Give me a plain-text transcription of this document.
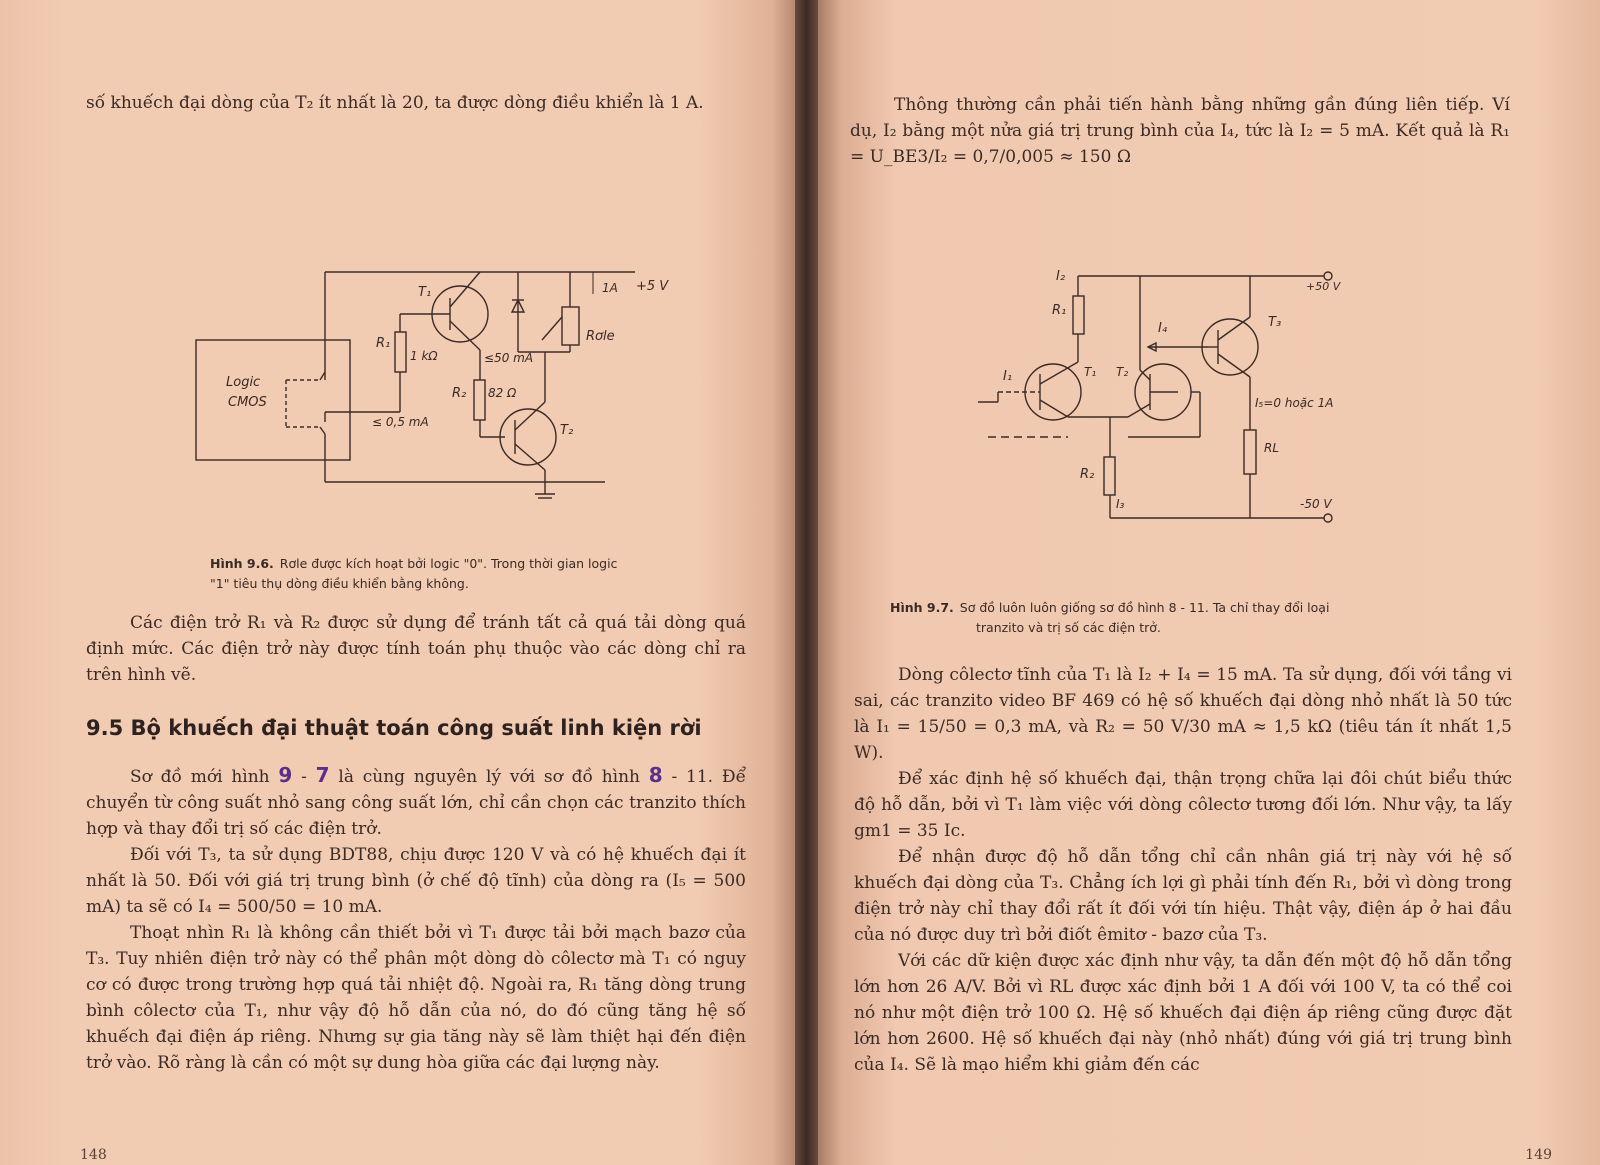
số khuếch đại dòng của T₂ ít nhất là 20, ta được dòng điều khiển là 1 A.

T₁
R₁
1 kΩ	≤50 mA
1A +5 V
Rơle
R₂ 82 Ω
T₂
Logic
CMOS
≤ 0,5 mA
Hình 9.6. Rơle được kích hoạt bởi logic "0". Trong thời gian logic
"1" tiêu thụ dòng điều khiển bằng không.

Các điện trở R₁ và R₂ được sử dụng để tránh tất cả quá tải dòng quá định mức. Các điện trở này được tính toán phụ thuộc vào các dòng chỉ ra trên hình vẽ.

9.5 Bộ khuếch đại thuật toán công suất linh kiện rời

Sơ đồ mới hình 9 - 7 là cùng nguyên lý với sơ đồ hình 8 - 11. Để chuyển từ công suất nhỏ sang công suất lớn, chỉ cần chọn các tranzito thích hợp và thay đổi trị số các điện trở.

Đối với T₃, ta sử dụng BDT88, chịu được 120 V và có hệ khuếch đại ít nhất là 50. Đối với giá trị trung bình (ở chế độ tĩnh) của dòng ra (I₅ = 500 mA) ta sẽ có I₄ = 500/50 = 10 mA.

Thoạt nhìn R₁ là không cần thiết bởi vì T₁ được tải bởi mạch bazơ của T₃. Tuy nhiên điện trở này có thể phân một dòng dò côlectơ mà T₁ có nguy cơ có được trong trường hợp quá tải nhiệt độ. Ngoài ra, R₁ tăng dòng trung bình côlectơ của T₁, như vậy độ hỗ dẫn của nó, do đó cũng tăng hệ số khuếch đại điện áp riêng. Nhưng sự gia tăng này sẽ làm thiệt hại đến điện trở vào. Rõ ràng là cần có một sự dung hòa giữa các đại lượng này.

148

Thông thường cần phải tiến hành bằng những gần đúng liên tiếp. Ví dụ, I₂ bằng một nửa giá trị trung bình của I₄, tức là I₂ = 5 mA. Kết quả là R₁ = U_BE3/I₂ = 0,7/0,005 ≈ 150 Ω

I₂
+50 V
R₁
T₃
I₄
I₁	T₁ T₂
I₅=0 hoặc 1A
RL
R₂
I₃	-50 V
Hình 9.7. Sơ đồ luôn luôn giống sơ đồ hình 8 - 11. Ta chỉ thay đổi loại
tranzito và trị số các điện trở.

Dòng côlectơ tĩnh của T₁ là I₂ + I₄ = 15 mA. Ta sử dụng, đối với tầng vi sai, các tranzito video BF 469 có hệ số khuếch đại dòng nhỏ nhất là 50 tức là I₁ = 15/50 = 0,3 mA, và R₂ = 50 V/30 mA ≈ 1,5 kΩ (tiêu tán ít nhất 1,5 W).

Để xác định hệ số khuếch đại, thận trọng chữa lại đôi chút biểu thức độ hỗ dẫn, bởi vì T₁ làm việc với dòng côlectơ tương đối lớn. Như vậy, ta lấy gm1 = 35 Ic.

Để nhận được độ hỗ dẫn tổng chỉ cần nhân giá trị này với hệ số khuếch đại dòng của T₃. Chẳng ích lợi gì phải tính đến R₁, bởi vì dòng trong điện trở này chỉ thay đổi rất ít đối với tín hiệu. Thật vậy, điện áp ở hai đầu của nó được duy trì bởi điốt êmitơ - bazơ của T₃.

Với các dữ kiện được xác định như vậy, ta dẫn đến một độ hỗ dẫn tổng lớn hơn 26 A/V. Bởi vì RL được xác định bởi 1 A đối với 100 V, ta có thể coi nó như một điện trở 100 Ω. Hệ số khuếch đại điện áp riêng cũng được đặt lớn hơn 2600. Hệ số khuếch đại này (nhỏ nhất) đúng với giá trị trung bình của I₄. Sẽ là mạo hiểm khi giảm đến các

149
